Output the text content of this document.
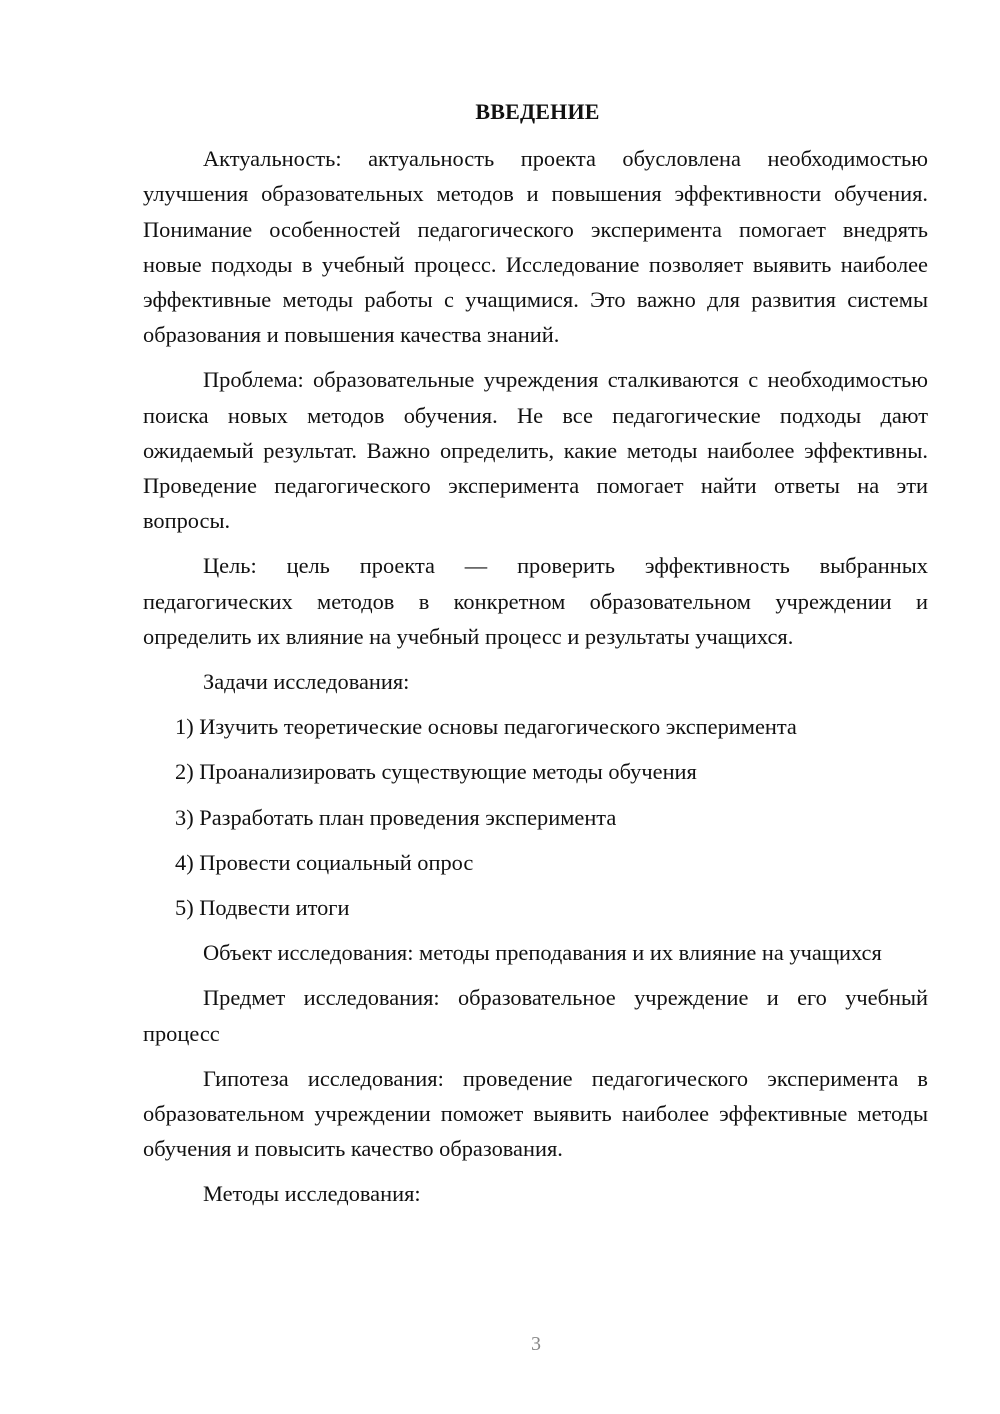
ВВЕДЕНИЕ

Актуальность: актуальность проекта обусловлена необходимостью улучшения образовательных методов и повышения эффективности обучения. Понимание особенностей педагогического эксперимента помогает внедрять новые подходы в учебный процесс. Исследование позволяет выявить наиболее эффективные методы работы с учащимися. Это важно для развития системы образования и повышения качества знаний.

Проблема: образовательные учреждения сталкиваются с необходимостью поиска новых методов обучения. Не все педагогические подходы дают ожидаемый результат. Важно определить, какие методы наиболее эффективны. Проведение педагогического эксперимента помогает найти ответы на эти вопросы.

Цель: цель проекта — проверить эффективность выбранных педагогических методов в конкретном образовательном учреждении и определить их влияние на учебный процесс и результаты учащихся.

Задачи исследования:

1) Изучить теоретические основы педагогического эксперимента
2) Проанализировать существующие методы обучения
3) Разработать план проведения эксперимента
4) Провести социальный опрос
5) Подвести итоги

Объект исследования: методы преподавания и их влияние на учащихся

Предмет исследования: образовательное учреждение и его учебный процесс

Гипотеза исследования: проведение педагогического эксперимента в образовательном учреждении поможет выявить наиболее эффективные методы обучения и повысить качество образования.

Методы исследования:

3
